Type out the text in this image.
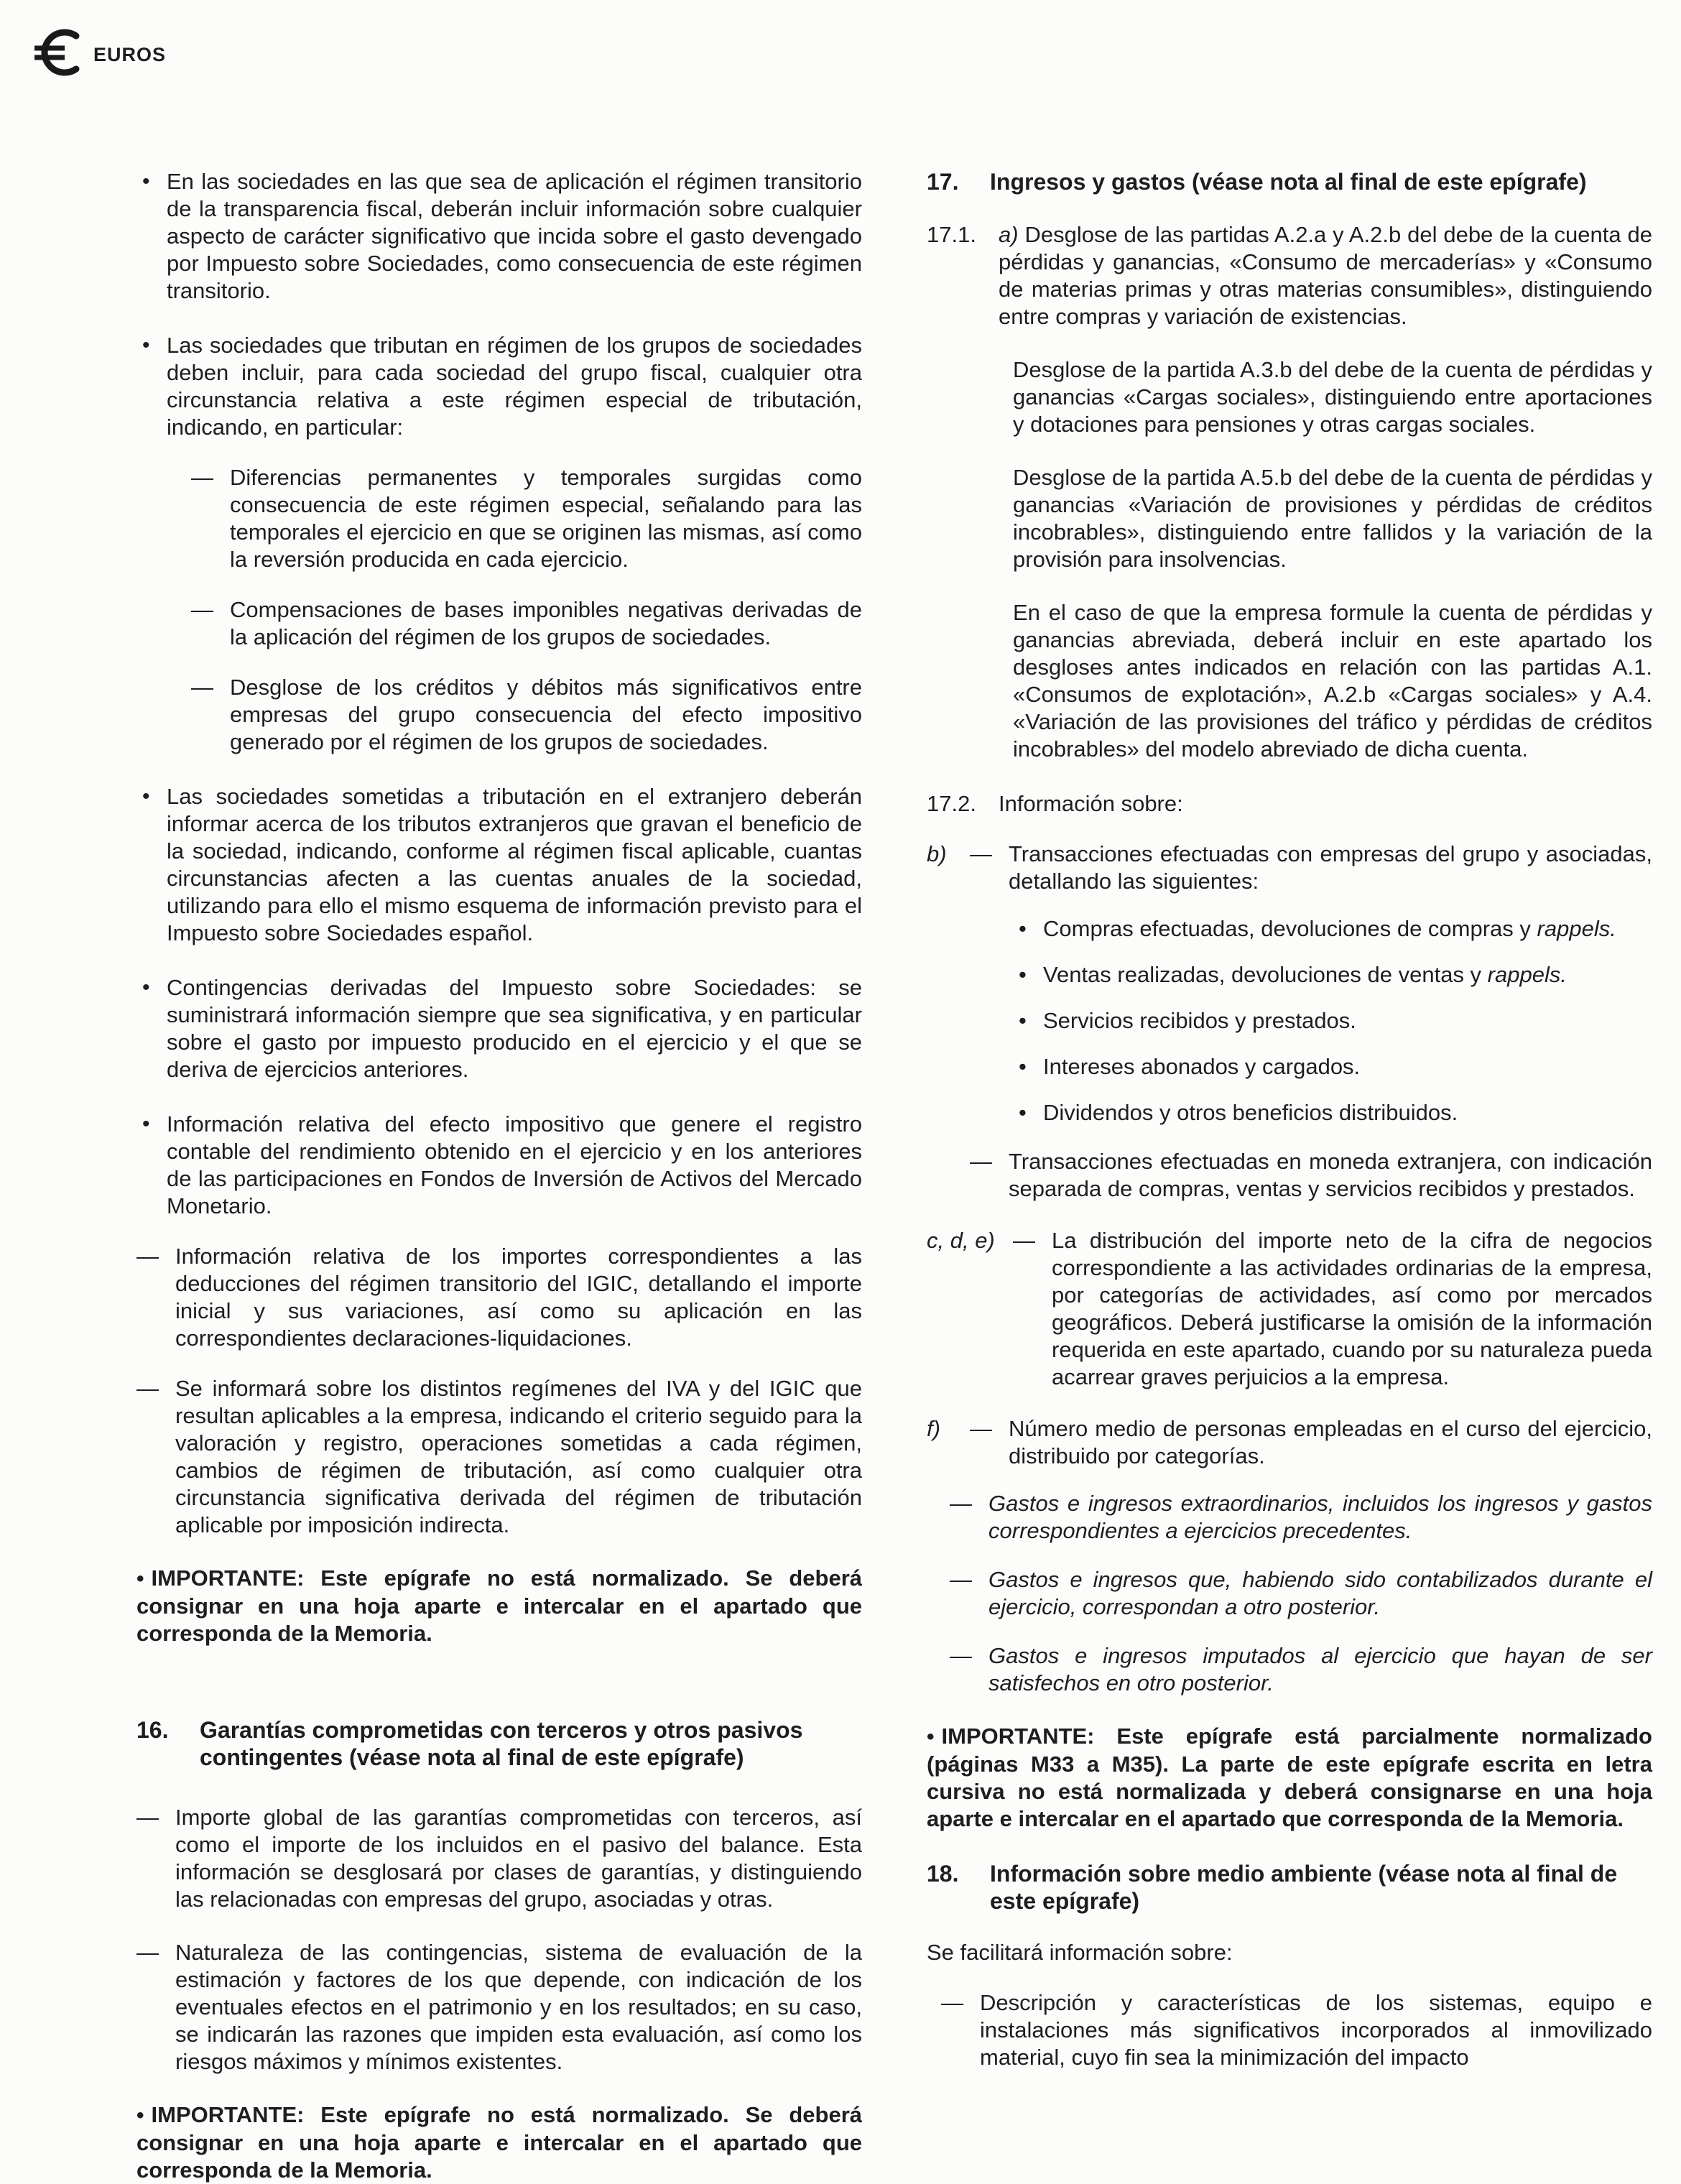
EUROS

• En las sociedades en las que sea de aplicación el régimen transitorio de la transparencia fiscal, deberán incluir información sobre cualquier aspecto de carácter significativo que incida sobre el gasto devengado por Impuesto sobre Sociedades, como consecuencia de este régimen transitorio.

• Las sociedades que tributan en régimen de los grupos de sociedades deben incluir, para cada sociedad del grupo fiscal, cualquier otra circunstancia relativa a este régimen especial de tributación, indicando, en particular:

— Diferencias permanentes y temporales surgidas como consecuencia de este régimen especial, señalando para las temporales el ejercicio en que se originen las mismas, así como la reversión producida en cada ejercicio.

— Compensaciones de bases imponibles negativas derivadas de la aplicación del régimen de los grupos de sociedades.

— Desglose de los créditos y débitos más significativos entre empresas del grupo consecuencia del efecto impositivo generado por el régimen de los grupos de sociedades.

• Las sociedades sometidas a tributación en el extranjero deberán informar acerca de los tributos extranjeros que gravan el beneficio de la sociedad, indicando, conforme al régimen fiscal aplicable, cuantas circunstancias afecten a las cuentas anuales de la sociedad, utilizando para ello el mismo esquema de información previsto para el Impuesto sobre Sociedades español.

• Contingencias derivadas del Impuesto sobre Sociedades: se suministrará información siempre que sea significativa, y en particular sobre el gasto por impuesto producido en el ejercicio y el que se deriva de ejercicios anteriores.

• Información relativa del efecto impositivo que genere el registro contable del rendimiento obtenido en el ejercicio y en los anteriores de las participaciones en Fondos de Inversión de Activos del Mercado Monetario.

— Información relativa de los importes correspondientes a las deducciones del régimen transitorio del IGIC, detallando el importe inicial y sus variaciones, así como su aplicación en las correspondientes declaraciones-liquidaciones.

— Se informará sobre los distintos regímenes del IVA y del IGIC que resultan aplicables a la empresa, indicando el criterio seguido para la valoración y registro, operaciones sometidas a cada régimen, cambios de régimen de tributación, así como cualquier otra circunstancia significativa derivada del régimen de tributación aplicable por imposición indirecta.

• IMPORTANTE: Este epígrafe no está normalizado. Se deberá consignar en una hoja aparte e intercalar en el apartado que corresponda de la Memoria.

16.	Garantías comprometidas con terceros y otros pasivos contingentes (véase nota al final de este epígrafe)

— Importe global de las garantías comprometidas con terceros, así como el importe de los incluidos en el pasivo del balance. Esta información se desglosará por clases de garantías, y distinguiendo las relacionadas con empresas del grupo, asociadas y otras.

— Naturaleza de las contingencias, sistema de evaluación de la estimación y factores de los que depende, con indicación de los eventuales efectos en el patrimonio y en los resultados; en su caso, se indicarán las razones que impiden esta evaluación, así como los riesgos máximos y mínimos existentes.

• IMPORTANTE: Este epígrafe no está normalizado. Se deberá consignar en una hoja aparte e intercalar en el apartado que corresponda de la Memoria.

17.	Ingresos y gastos (véase nota al final de este epígrafe)
17.1.	a) Desglose de las partidas A.2.a y A.2.b del debe de la cuenta de pérdidas y ganancias, «Consumo de mercaderías» y «Consumo de materias primas y otras materias consumibles», distinguiendo entre compras y variación de existencias.

Desglose de la partida A.3.b del debe de la cuenta de pérdidas y ganancias «Cargas sociales», distinguiendo entre aportaciones y dotaciones para pensiones y otras cargas sociales.

Desglose de la partida A.5.b del debe de la cuenta de pérdidas y ganancias «Variación de provisiones y pérdidas de créditos incobrables», distinguiendo entre fallidos y la variación de la provisión para insolvencias.

En el caso de que la empresa formule la cuenta de pérdidas y ganancias abreviada, deberá incluir en este apartado los desgloses antes indicados en relación con las partidas A.1. «Consumos de explotación», A.2.b «Cargas sociales» y A.4. «Variación de las provisiones del tráfico y pérdidas de créditos incobrables» del modelo abreviado de dicha cuenta.

17.2.	Información sobre:

b)	— Transacciones efectuadas con empresas del grupo y asociadas, detallando las siguientes:

• Compras efectuadas, devoluciones de compras y rappels.

• Ventas realizadas, devoluciones de ventas y rappels.

• Servicios recibidos y prestados.

• Intereses abonados y cargados.

• Dividendos y otros beneficios distribuidos.

— Transacciones efectuadas en moneda extranjera, con indicación separada de compras, ventas y servicios recibidos y prestados.

c, d, e) — La distribución del importe neto de la cifra de negocios correspondiente a las actividades ordinarias de la empresa, por categorías de actividades, así como por mercados geográficos. Deberá justificarse la omisión de la información requerida en este apartado, cuando por su naturaleza pueda acarrear graves perjuicios a la empresa.

f)	— Número medio de personas empleadas en el curso del ejercicio, distribuido por categorías.

— Gastos e ingresos extraordinarios, incluidos los ingresos y gastos correspondientes a ejercicios precedentes.

— Gastos e ingresos que, habiendo sido contabilizados durante el ejercicio, correspondan a otro posterior.

— Gastos e ingresos imputados al ejercicio que hayan de ser satisfechos en otro posterior.

• IMPORTANTE: Este epígrafe está parcialmente normalizado (páginas M33 a M35). La parte de este epígrafe escrita en letra cursiva no está normalizada y deberá consignarse en una hoja aparte e intercalar en el apartado que corresponda de la Memoria.

18.	Información sobre medio ambiente (véase nota al final de este epígrafe)

Se facilitará información sobre:

— Descripción y características de los sistemas, equipo e instalaciones más significativos incorporados al inmovilizado material, cuyo fin sea la minimización del impacto
